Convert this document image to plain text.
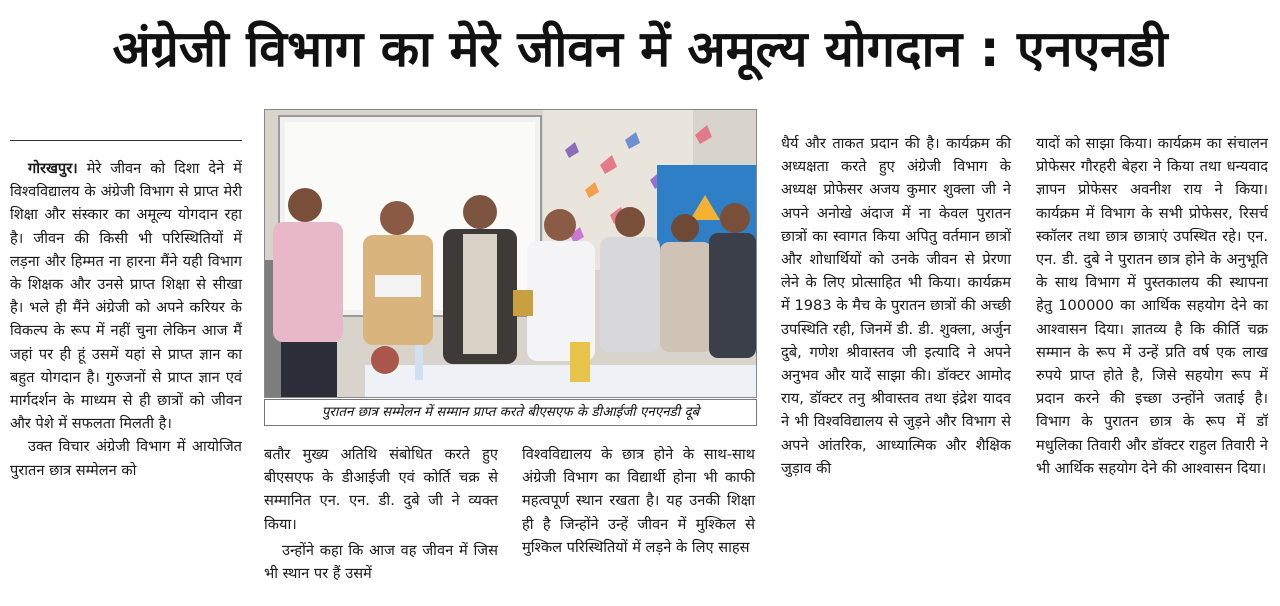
अंग्रेजी विभाग का मेरे जीवन में अमूल्य योगदान : एनएनडी

गोरखपुर। मेरे जीवन को दिशा देने में विश्वविद्यालय के अंग्रेजी विभाग से प्राप्त मेरी शिक्षा और संस्कार का अमूल्य योगदान रहा है। जीवन की किसी भी परिस्थितियों में लड़ना और हिम्मत ना हारना मैंने यही विभाग के शिक्षक और उनसे प्राप्त शिक्षा से सीखा है। भले ही मैंने अंग्रेजी को अपने करियर के विकल्प के रूप में नहीं चुना लेकिन आज मैं जहां पर ही हूं उसमें यहां से प्राप्त ज्ञान का बहुत योगदान है। गुरुजनों से प्राप्त ज्ञान एवं मार्गदर्शन के माध्यम से ही छात्रों को जीवन और पेशे में सफलता मिलती है।

उक्त विचार अंग्रेजी विभाग में आयोजित पुरातन छात्र सम्मेलन को

पुरातन छात्र सम्मेलन में सम्मान प्राप्त करते बीएसएफ के डीआईजी एनएनडी दूबे

बतौर मुख्य अतिथि संबोधित करते हुए बीएसएफ के डीआईजी एवं कोर्ति चक्र से सम्मानित एन. एन. डी. दुबे जी ने व्यक्त किया।

उन्होंने कहा कि आज वह जीवन में जिस भी स्थान पर हैं उसमें

विश्वविद्यालय के छात्र होने के साथ-साथ अंग्रेजी विभाग का विद्यार्थी होना भी काफी महत्वपूर्ण स्थान रखता है। यह उनकी शिक्षा ही है जिन्होंने उन्हें जीवन में मुश्किल से मुश्किल परिस्थितियों में लड़ने के लिए साहस

धैर्य और ताकत प्रदान की है। कार्यक्रम की अध्यक्षता करते हुए अंग्रेजी विभाग के अध्यक्ष प्रोफेसर अजय कुमार शुक्ला जी ने अपने अनोखे अंदाज में ना केवल पुरातन छात्रों का स्वागत किया अपितु वर्तमान छात्रों और शोधार्थियों को उनके जीवन से प्रेरणा लेने के लिए प्रोत्साहित भी किया। कार्यक्रम में 1983 के मैच के पुरातन छात्रों की अच्छी उपस्थिति रही, जिनमें डी. डी. शुक्ला, अर्जुन दुबे, गणेश श्रीवास्तव जी इत्यादि ने अपने अनुभव और यादें साझा की। डॉक्टर आमोद राय, डॉक्टर तनु श्रीवास्तव तथा इंद्रेश यादव ने भी विश्वविद्यालय से जुड़ने और विभाग से अपने आंतरिक, आध्यात्मिक और शैक्षिक जुड़ाव की

यादों को साझा किया। कार्यक्रम का संचालन प्रोफेसर गौरहरी बेहरा ने किया तथा धन्यवाद ज्ञापन प्रोफेसर अवनीश राय ने किया। कार्यक्रम में विभाग के सभी प्रोफेसर, रिसर्च स्कॉलर तथा छात्र छात्राएं उपस्थित रहे। एन. एन. डी. दुबे ने पुरातन छात्र होने के अनुभूति के साथ विभाग में पुस्तकालय की स्थापना हेतु 100000 का आर्थिक सहयोग देने का आश्वासन दिया। ज्ञातव्य है कि कीर्ति चक्र सम्मान के रूप में उन्हें प्रति वर्ष एक लाख रुपये प्राप्त होते है, जिसे सहयोग रूप में प्रदान करने की इच्छा उन्होंने जताई है। विभाग के पुरातन छात्र के रूप में डॉ मधुलिका तिवारी और डॉक्टर राहुल तिवारी ने भी आर्थिक सहयोग देने की आश्वासन दिया।
